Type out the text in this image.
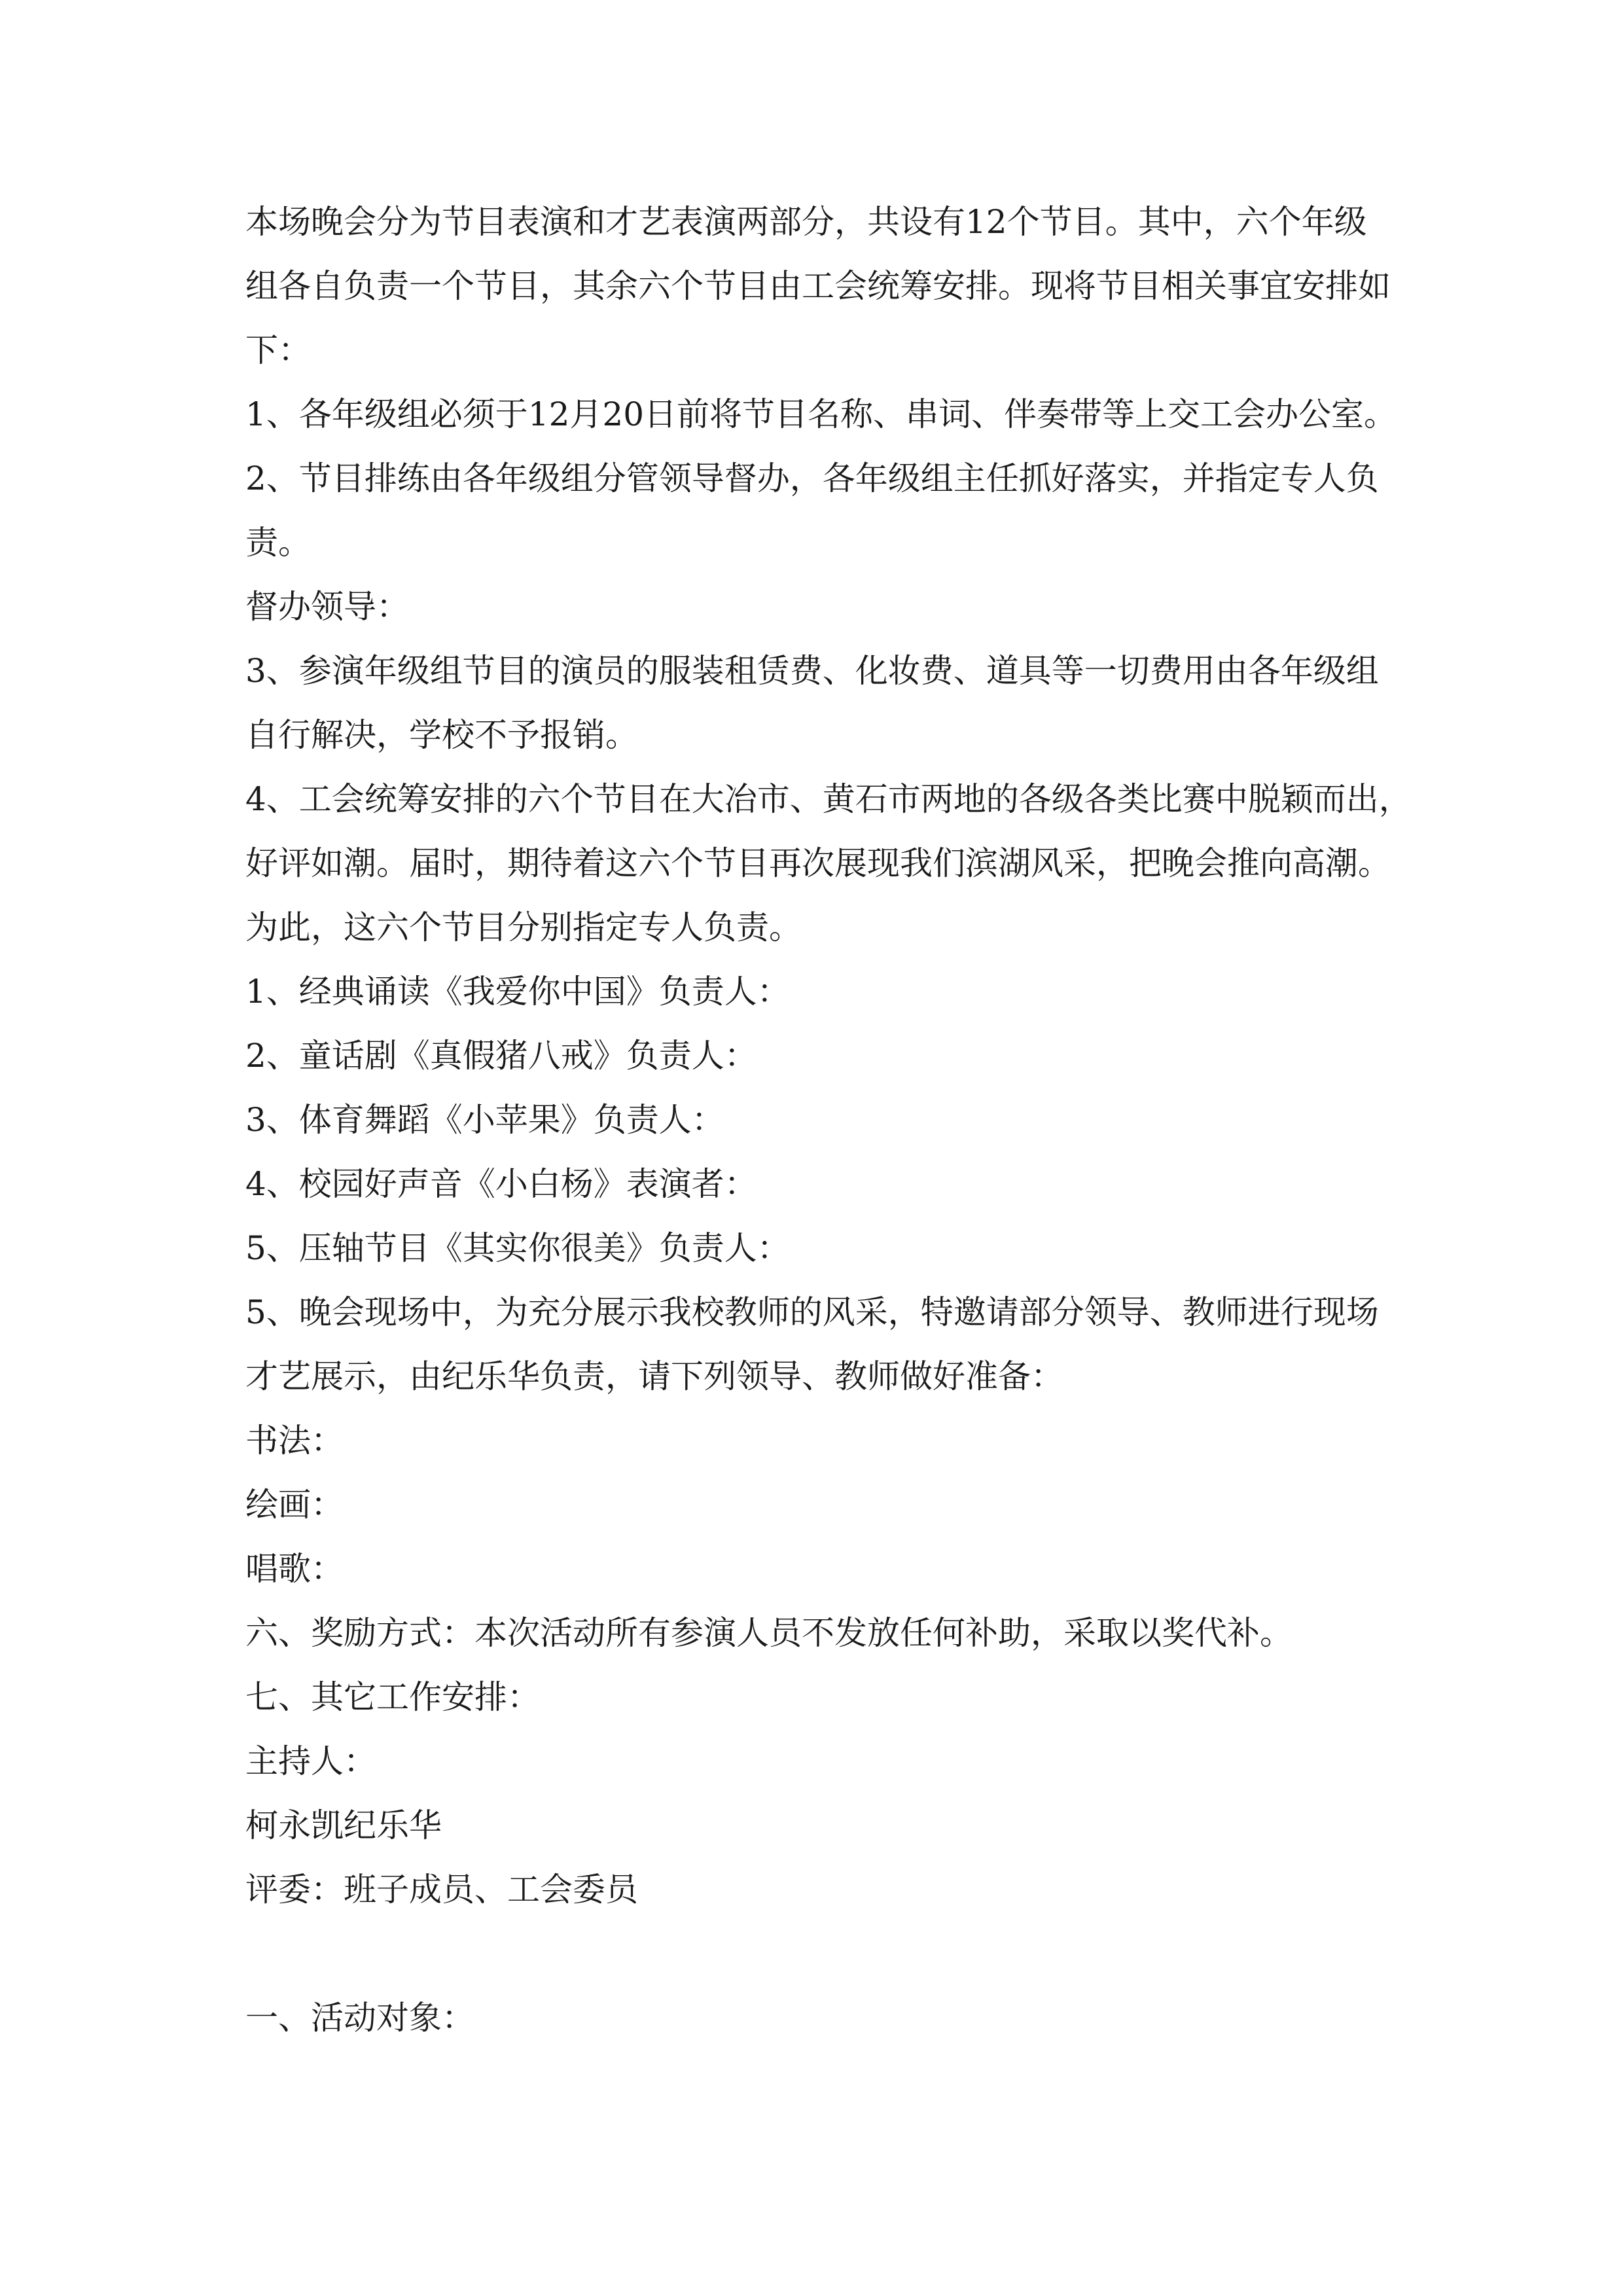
本场晚会分为节目表演和才艺表演两部分，共设有12个节目。其中，六个年级
组各自负责一个节目，其余六个节目由工会统筹安排。现将节目相关事宜安排如
下：
1、各年级组必须于12月20日前将节目名称、串词、伴奏带等上交工会办公室。
2、节目排练由各年级组分管领导督办，各年级组主任抓好落实，并指定专人负
责。
督办领导：
3、参演年级组节目的演员的服装租赁费、化妆费、道具等一切费用由各年级组
自行解决，学校不予报销。
4、工会统筹安排的六个节目在大冶市、黄石市两地的各级各类比赛中脱颖而出，
好评如潮。届时，期待着这六个节目再次展现我们滨湖风采，把晚会推向高潮。
为此，这六个节目分别指定专人负责。
1、经典诵读《我爱你中国》负责人：
2、童话剧《真假猪八戒》负责人：
3、体育舞蹈《小苹果》负责人：
4、校园好声音《小白杨》表演者：
5、压轴节目《其实你很美》负责人：
5、晚会现场中，为充分展示我校教师的风采，特邀请部分领导、教师进行现场
才艺展示，由纪乐华负责，请下列领导、教师做好准备：
书法：
绘画：
唱歌：
六、奖励方式：本次活动所有参演人员不发放任何补助，采取以奖代补。
七、其它工作安排：
主持人：
柯永凯纪乐华
评委：班子成员、工会委员
一、活动对象：
